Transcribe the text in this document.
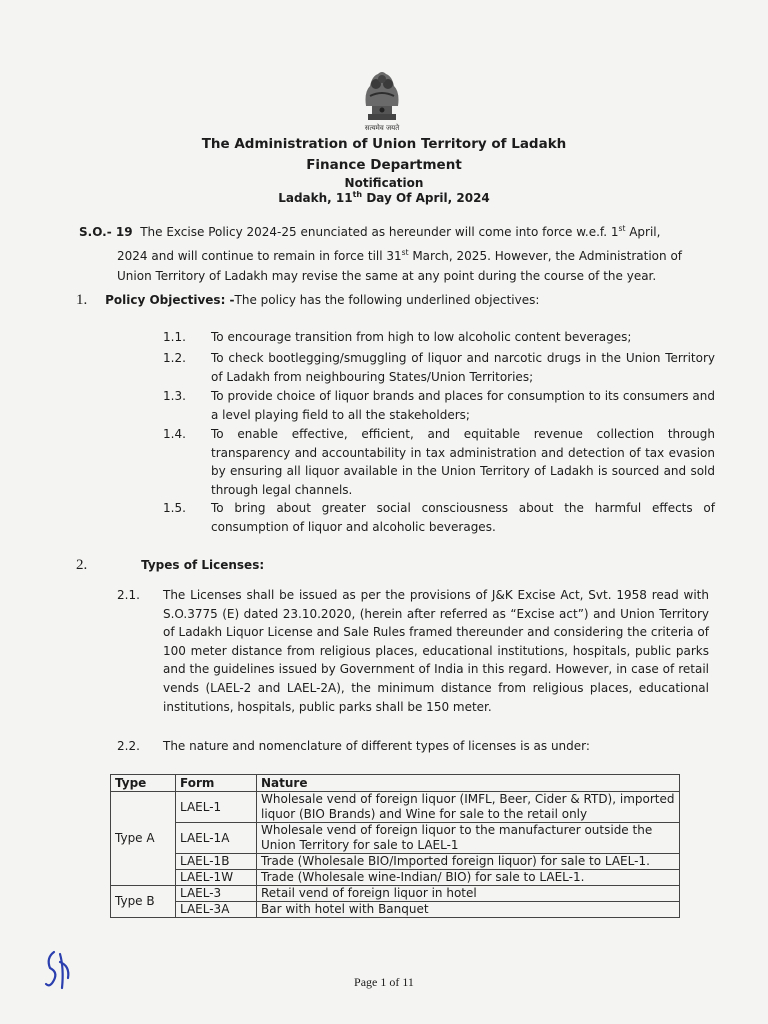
सत्यमेव जयते
The Administration of Union Territory of Ladakh
Finance Department
Notification
Ladakh, 11th Day Of April, 2024

S.O.- 19 The Excise Policy 2024-25 enunciated as hereunder will come into force w.e.f. 1st April,

2024 and will continue to remain in force till 31st March, 2025. However, the Administration of

Union Territory of Ladakh may revise the same at any point during the course of the year.

1. Policy Objectives: -The policy has the following underlined objectives:
1.1.	To encourage transition from high to low alcoholic content beverages;
1.2.	To check bootlegging/smuggling of liquor and narcotic drugs in the Union Territory of Ladakh from neighbouring States/Union Territories;
1.3.	To provide choice of liquor brands and places for consumption to its consumers and a level playing field to all the stakeholders;
1.4.	To enable effective, efficient, and equitable revenue collection through transparency and accountability in tax administration and detection of tax evasion by ensuring all liquor available in the Union Territory of Ladakh is sourced and sold through legal channels.
1.5.	To bring about greater social consciousness about the harmful effects of consumption of liquor and alcoholic beverages.
2.	Types of Licenses:
2.1. The Licenses shall be issued as per the provisions of J&K Excise Act, Svt. 1958 read with S.O.3775 (E) dated 23.10.2020, (herein after referred as “Excise act”) and Union Territory of Ladakh Liquor License and Sale Rules framed thereunder and considering the criteria of 100 meter distance from religious places, educational institutions, hospitals, public parks and the guidelines issued by Government of India in this regard. However, in case of retail vends (LAEL-2 and LAEL-2A), the minimum distance from religious places, educational institutions, hospitals, public parks shall be 150 meter.
2.2. The nature and nomenclature of different types of licenses is as under:
Type	Form	Nature
Type A	LAEL-1	Wholesale vend of foreign liquor (IMFL, Beer, Cider & RTD), imported liquor (BIO Brands) and Wine for sale to the retail only
	LAEL-1A	Wholesale vend of foreign liquor to the manufacturer outside the Union Territory for sale to LAEL-1
	LAEL-1B	Trade (Wholesale BIO/Imported foreign liquor) for sale to LAEL-1.
	LAEL-1W	Trade (Wholesale wine-Indian/ BIO) for sale to LAEL-1.
Type B	LAEL-3	Retail vend of foreign liquor in hotel
	LAEL-3A	Bar with hotel with Banquet
Page 1 of 11
